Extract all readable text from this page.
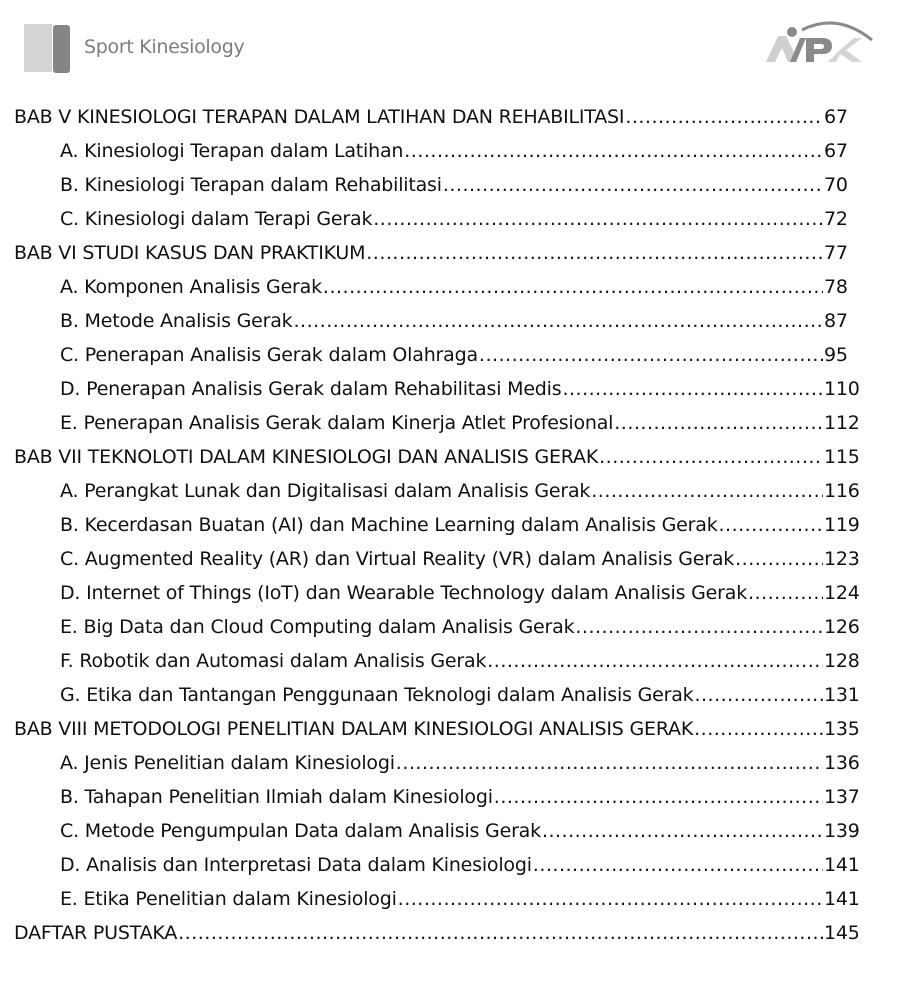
Sport Kinesiology
BAB V KINESIOLOGI TERAPAN DALAM LATIHAN DAN REHABILITASI .....	67
A. Kinesiologi Terapan dalam Latihan .....	67
B. Kinesiologi Terapan dalam Rehabilitasi .....	70
C. Kinesiologi dalam Terapi Gerak .....	72
BAB VI STUDI KASUS DAN PRAKTIKUM .....	77
A. Komponen Analisis Gerak .....	78
B. Metode Analisis Gerak .....	87
C. Penerapan Analisis Gerak dalam Olahraga .....	95
D. Penerapan Analisis Gerak dalam Rehabilitasi Medis .....	110
E. Penerapan Analisis Gerak dalam Kinerja Atlet Profesional .....	112
BAB VII TEKNOLOTI DALAM KINESIOLOGI DAN ANALISIS GERAK .....	115
A. Perangkat Lunak dan Digitalisasi dalam Analisis Gerak .....	116
B. Kecerdasan Buatan (AI) dan Machine Learning dalam Analisis Gerak .....	119
C. Augmented Reality (AR) dan Virtual Reality (VR) dalam Analisis Gerak .....	123
D. Internet of Things (IoT) dan Wearable Technology dalam Analisis Gerak .....	124
E. Big Data dan Cloud Computing dalam Analisis Gerak .....	126
F. Robotik dan Automasi dalam Analisis Gerak .....	128
G. Etika dan Tantangan Penggunaan Teknologi dalam Analisis Gerak .....	131
BAB VIII METODOLOGI PENELITIAN DALAM KINESIOLOGI ANALISIS GERAK .....	135
A. Jenis Penelitian dalam Kinesiologi .....	136
B. Tahapan Penelitian Ilmiah dalam Kinesiologi .....	137
C. Metode Pengumpulan Data dalam Analisis Gerak .....	139
D. Analisis dan Interpretasi Data dalam Kinesiologi .....	141
E. Etika Penelitian dalam Kinesiologi .....	141
DAFTAR PUSTAKA .....	145
